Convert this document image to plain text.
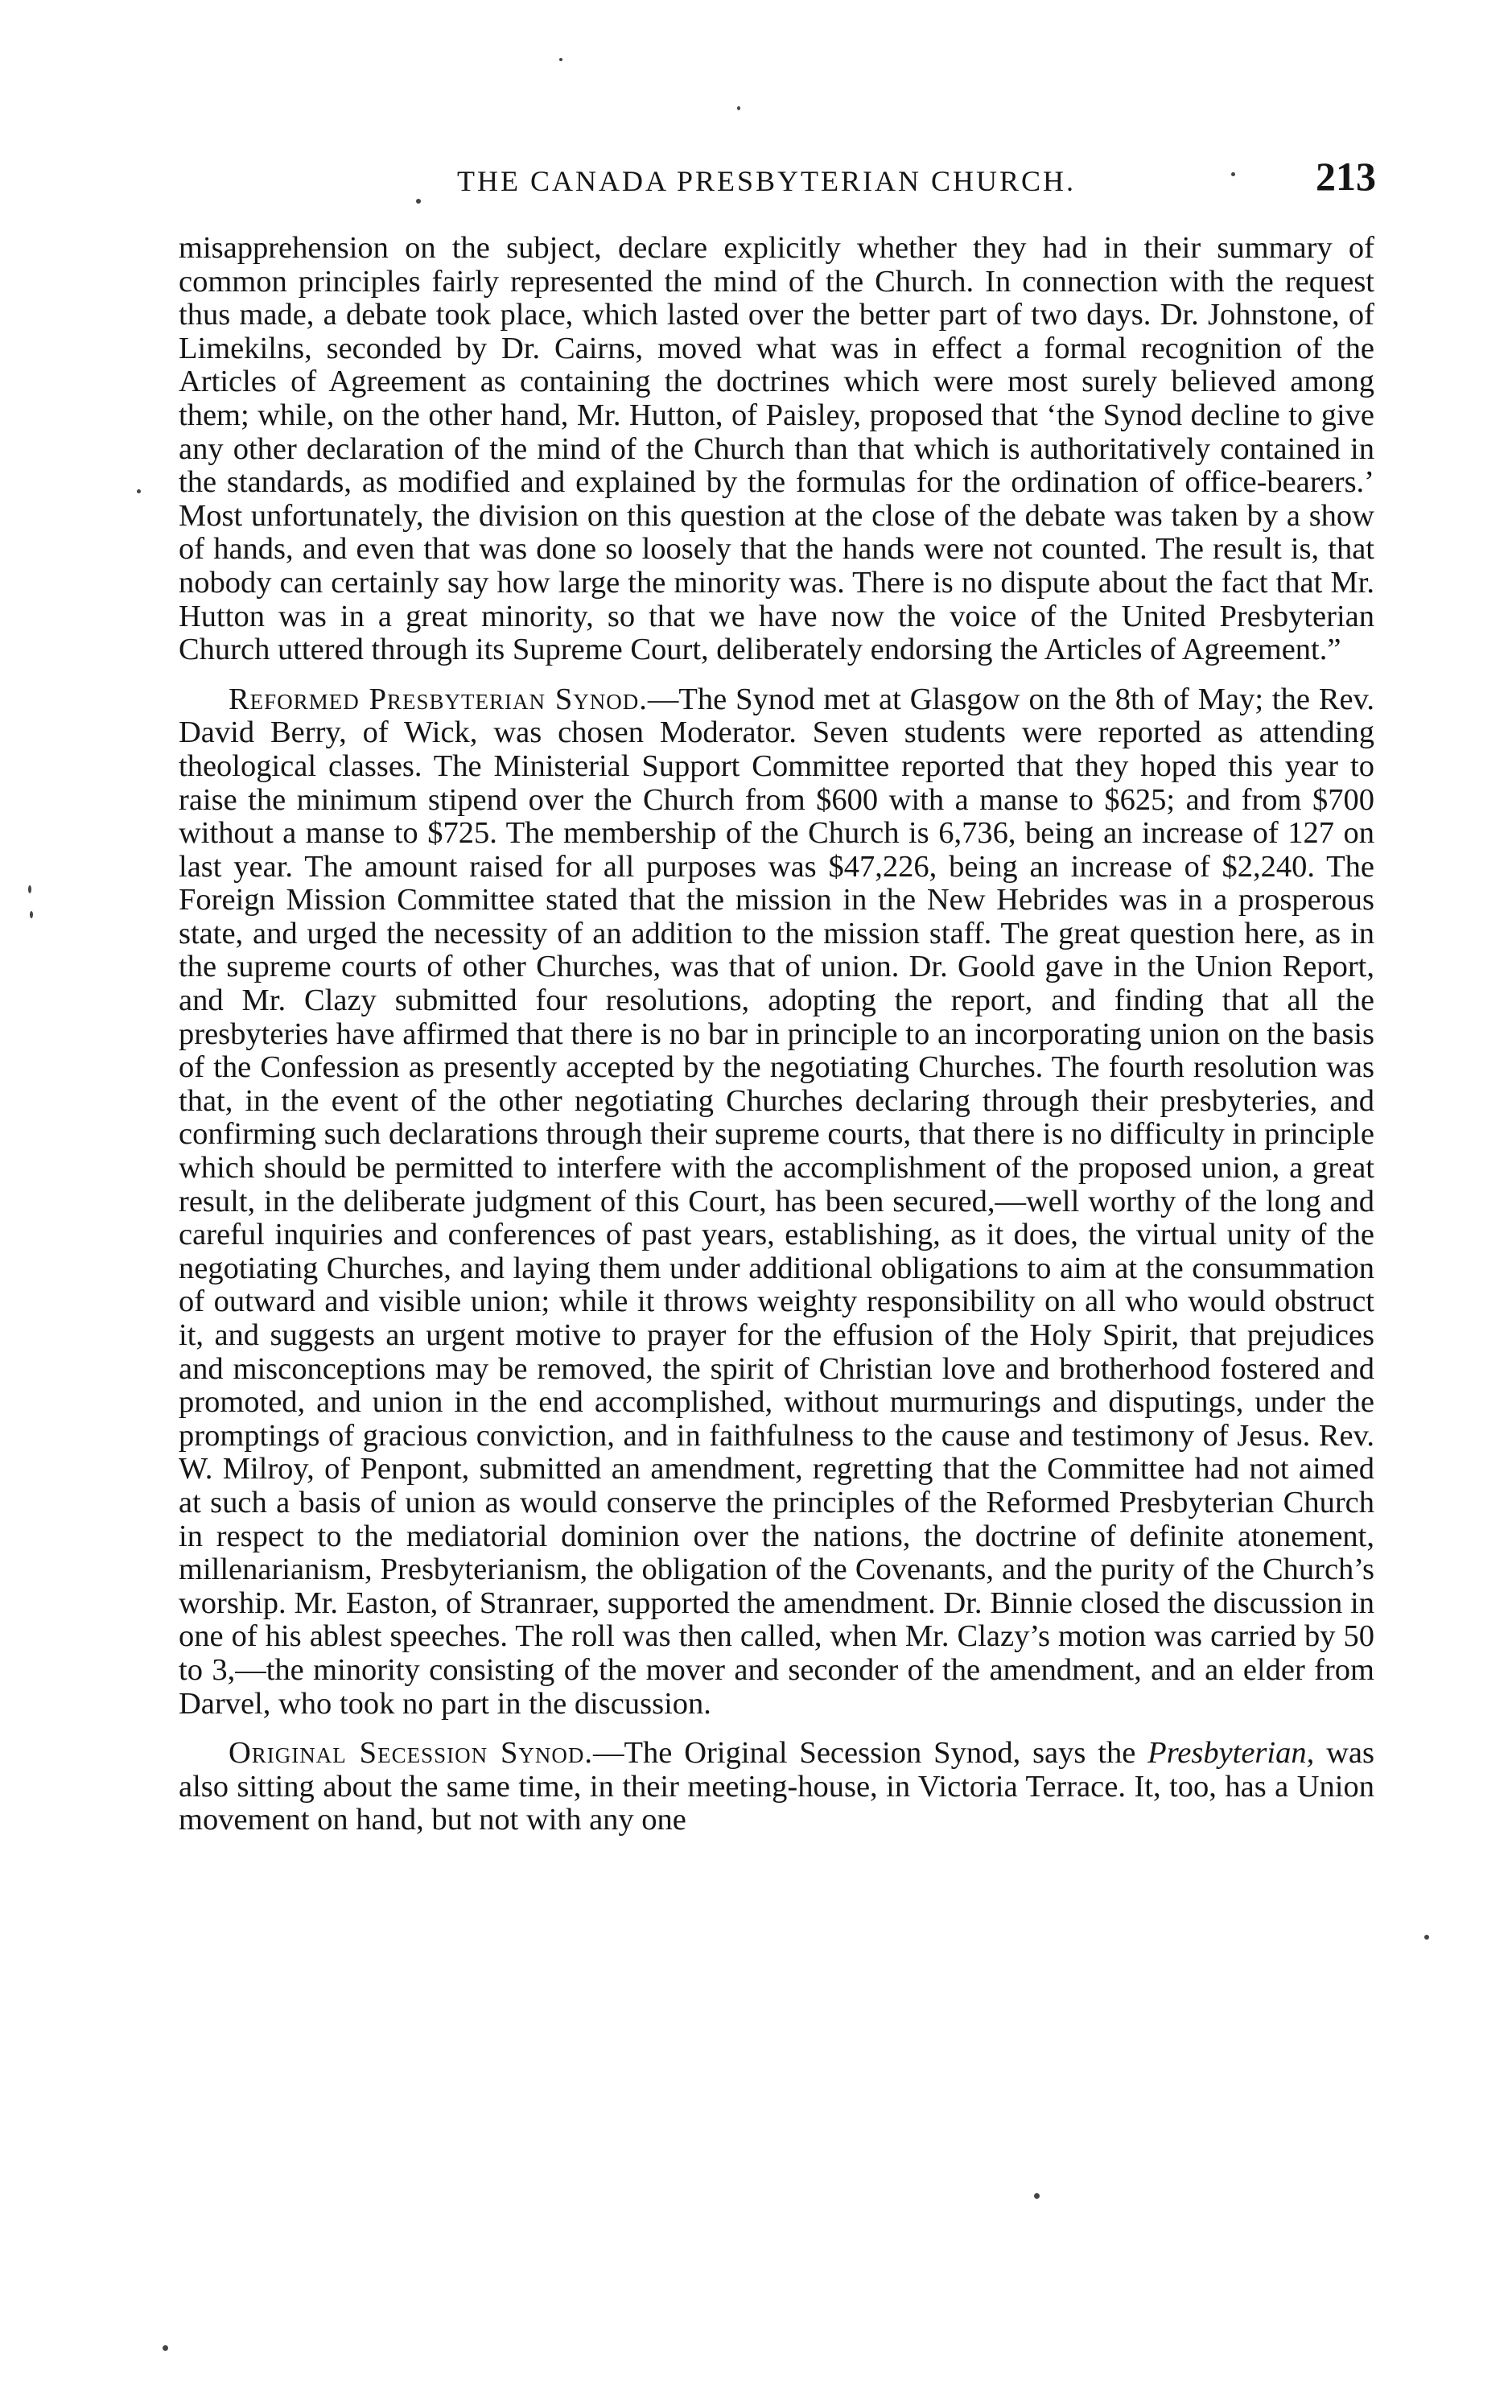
THE CANADA PRESBYTERIAN CHURCH.	213

misapprehension on the subject, declare explicitly whether they had in their summary of common principles fairly represented the mind of the Church. In connection with the request thus made, a debate took place, which lasted over the better part of two days. Dr. Johnstone, of Limekilns, seconded by Dr. Cairns, moved what was in effect a formal recognition of the Articles of Agreement as containing the doctrines which were most surely believed among them; while, on the other hand, Mr. Hutton, of Paisley, proposed that ‘the Synod decline to give any other declaration of the mind of the Church than that which is authoritatively contained in the standards, as modified and explained by the formulas for the ordination of office-bearers.’ Most unfortunately, the division on this question at the close of the debate was taken by a show of hands, and even that was done so loosely that the hands were not counted. The result is, that nobody can certainly say how large the minority was. There is no dispute about the fact that Mr. Hutton was in a great minority, so that we have now the voice of the United Presbyterian Church uttered through its Supreme Court, deliberately endorsing the Articles of Agreement.”

Reformed Presbyterian Synod.—The Synod met at Glasgow on the 8th of May; the Rev. David Berry, of Wick, was chosen Moderator. Seven students were reported as attending theological classes. The Ministerial Support Committee reported that they hoped this year to raise the minimum stipend over the Church from $600 with a manse to $625; and from $700 without a manse to $725. The membership of the Church is 6,736, being an increase of 127 on last year. The amount raised for all purposes was $47,226, being an increase of $2,240. The Foreign Mission Committee stated that the mission in the New Hebrides was in a prosperous state, and urged the necessity of an addition to the mission staff. The great question here, as in the supreme courts of other Churches, was that of union. Dr. Goold gave in the Union Report, and Mr. Clazy submitted four resolutions, adopting the report, and finding that all the presbyteries have affirmed that there is no bar in principle to an incorporating union on the basis of the Confession as presently accepted by the negotiating Churches. The fourth resolution was that, in the event of the other negotiating Churches declaring through their presbyteries, and confirming such declarations through their supreme courts, that there is no difficulty in principle which should be permitted to interfere with the accomplishment of the proposed union, a great result, in the deliberate judgment of this Court, has been secured,—well worthy of the long and careful inquiries and conferences of past years, establishing, as it does, the virtual unity of the negotiating Churches, and laying them under additional obligations to aim at the consummation of outward and visible union; while it throws weighty responsibility on all who would obstruct it, and suggests an urgent motive to prayer for the effusion of the Holy Spirit, that prejudices and misconceptions may be removed, the spirit of Christian love and brotherhood fostered and promoted, and union in the end accomplished, without murmurings and disputings, under the promptings of gracious conviction, and in faithfulness to the cause and testimony of Jesus. Rev. W. Milroy, of Penpont, submitted an amendment, regretting that the Committee had not aimed at such a basis of union as would conserve the principles of the Reformed Presbyterian Church in respect to the mediatorial dominion over the nations, the doctrine of definite atonement, millenarianism, Presbyterianism, the obligation of the Covenants, and the purity of the Church’s worship. Mr. Easton, of Stranraer, supported the amendment. Dr. Binnie closed the discussion in one of his ablest speeches. The roll was then called, when Mr. Clazy’s motion was carried by 50 to 3,—the minority consisting of the mover and seconder of the amendment, and an elder from Darvel, who took no part in the discussion.

Original Secession Synod.—The Original Secession Synod, says the Presbyterian, was also sitting about the same time, in their meeting-house, in Victoria Terrace. It, too, has a Union movement on hand, but not with any one
